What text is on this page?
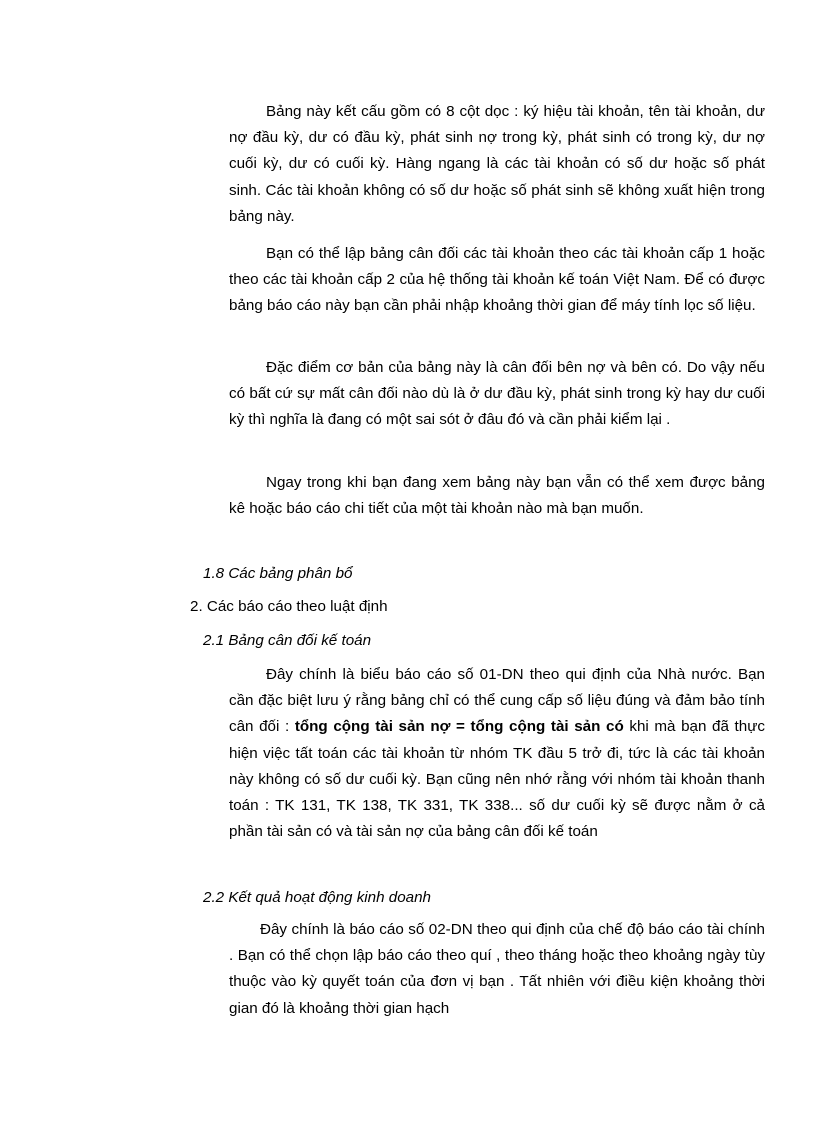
Bảng này kết cấu gồm có 8 cột dọc : ký hiệu tài khoản, tên tài khoản, dư nợ đầu kỳ, dư có đầu kỳ, phát sinh nợ trong kỳ, phát sinh có trong kỳ, dư nợ cuối kỳ, dư có cuối kỳ. Hàng ngang là các tài khoản có số dư hoặc số phát sinh. Các tài khoản không có số dư hoặc số phát sinh sẽ không xuất hiện trong bảng này.

Bạn có thể lập bảng cân đối các tài khoản theo các tài khoản cấp 1 hoặc theo các tài khoản cấp 2 của hệ thống tài khoản kế toán Việt Nam. Để có được bảng báo cáo này bạn cần phải nhập khoảng thời gian để máy tính lọc số liệu.

Đặc điểm cơ bản của bảng này là cân đối bên nợ và bên có. Do vậy nếu có bất cứ sự mất cân đối nào dù là ở dư đầu kỳ, phát sinh trong kỳ hay dư cuối kỳ thì nghĩa là đang có một sai sót ở đâu đó và cần phải kiểm lại .

Ngay trong khi bạn đang xem bảng này bạn vẫn có thể xem được bảng kê hoặc báo cáo chi tiết của một tài khoản nào mà bạn muốn.

1.8 Các bảng phân bổ

2. Các báo cáo theo luật định

2.1 Bảng cân đối kế toán

Đây chính là biểu báo cáo số 01-DN theo qui định của Nhà nước. Bạn cần đặc biệt lưu ý rằng bảng chỉ có thể cung cấp số liệu đúng và đảm bảo tính cân đối : tổng cộng tài sản nợ = tổng cộng tài sản có khi mà bạn đã thực hiện việc tất toán các tài khoản từ nhóm TK đầu 5 trở đi, tức là các tài khoản này không có số dư cuối kỳ. Bạn cũng nên nhớ rằng với nhóm tài khoản thanh toán : TK 131, TK 138, TK 331, TK 338... số dư cuối kỳ sẽ được nằm ở cả phần tài sản có và tài sản nợ của bảng cân đối kế toán

2.2 Kết quả hoạt động kinh doanh

Đây chính là báo cáo số 02-DN theo qui định của chế độ báo cáo tài chính . Bạn có thể chọn lập báo cáo theo quí , theo tháng hoặc theo khoảng ngày tùy thuộc vào kỳ quyết toán của đơn vị bạn . Tất nhiên với điều kiện khoảng thời gian đó là khoảng thời gian hạch
